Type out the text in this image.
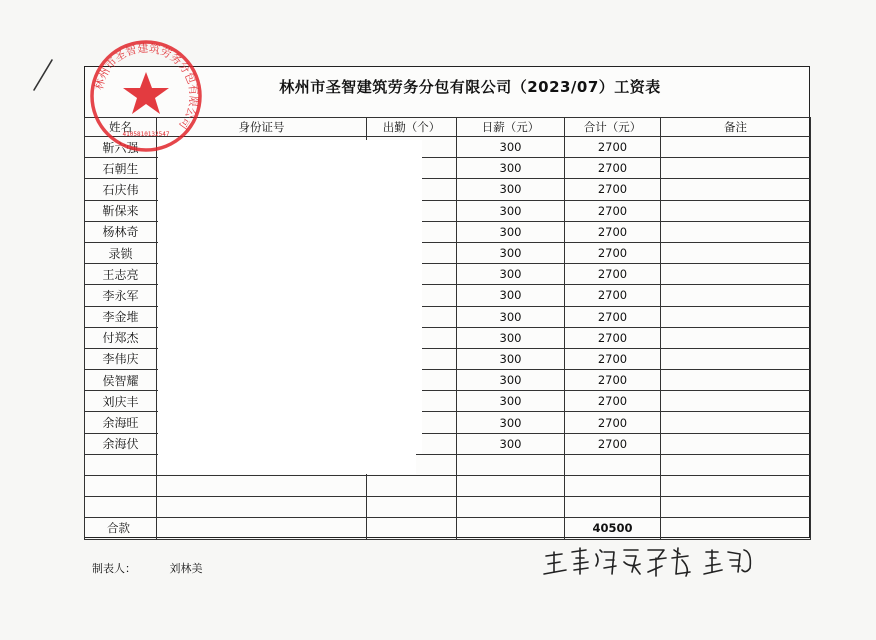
林州市圣智建筑劳务分包有限公司（2023/07）工资表
姓名	身份证号	出勤（个）	日薪（元）	合计（元）	备注
靳六强			300	2700	
石朝生			300	2700	
石庆伟			300	2700	
靳保来			300	2700	
杨林奇			300	2700	
录锁			300	2700	
王志亮			300	2700	
李永军			300	2700	
李金堆			300	2700	
付郑杰			300	2700	
李伟庆			300	2700	
侯智耀			300	2700	
刘庆丰			300	2700	
余海旺			300	2700	
余海伏			300	2700	

合款				40500	
林州市圣智建筑劳务分包有限公司
4105810132547
制表人：	刘林美
